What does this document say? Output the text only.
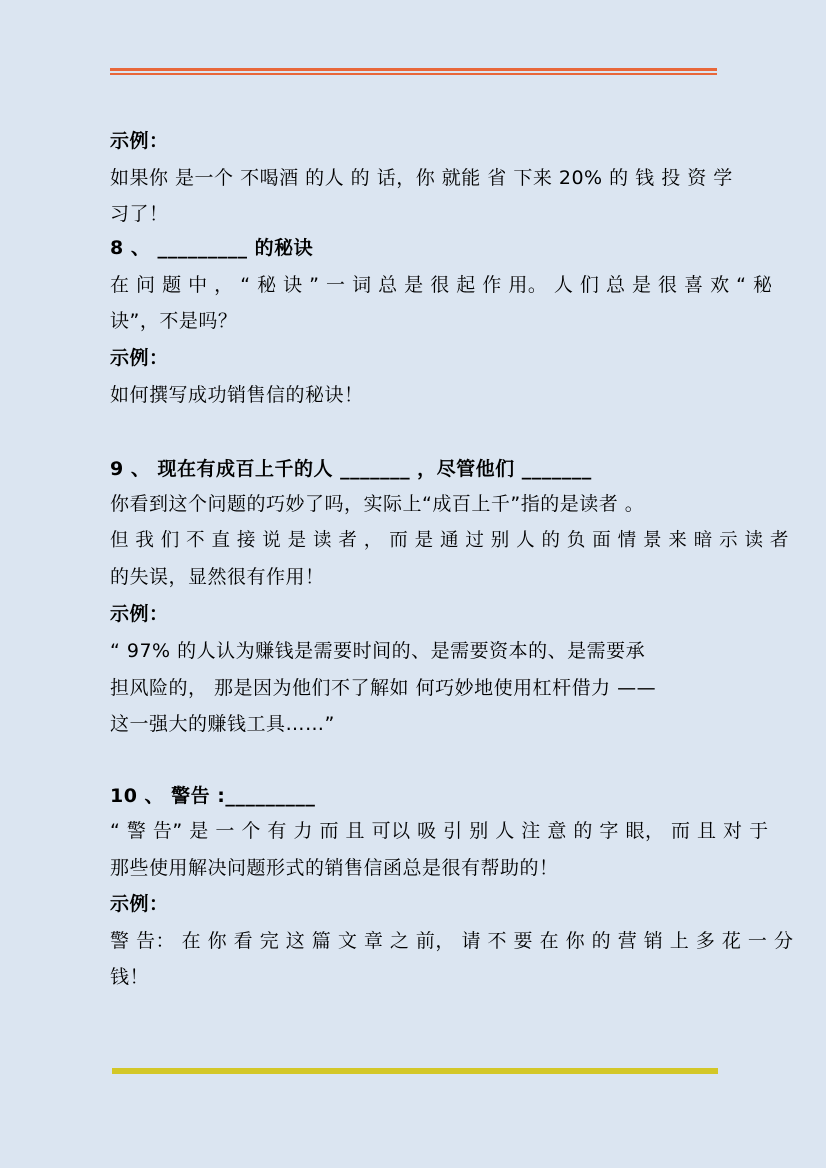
示例：
如果你 是一个 不喝酒 的人 的 话，你 就能 省 下来 20% 的 钱 投 资 学
习了！
8 、 _________ 的秘诀
在 问 题 中 ， “ 秘 诀 ” 一 词 总 是 很 起 作 用。 人 们 总 是 很 喜 欢 “ 秘
诀”，不是吗？
示例：
如何撰写成功销售信的秘诀！
9 、 现在有成百上千的人 _______ ，尽管他们 _______
你看到这个问题的巧妙了吗，实际上“成百上千”指的是读者 。
但 我 们 不 直 接 说 是 读 者 ， 而 是 通 过 别 人 的 负 面 情 景 来 暗 示 读 者
的失误，显然很有作用！
示例：
“ 97% 的人认为赚钱是需要时间的、是需要资本的、是需要承
担风险的， 那是因为他们不了解如 何巧妙地使用杠杆借力 ——
这一强大的赚钱工具……”
10 、 警告 :_________
“ 警 告” 是 一 个 有 力 而 且 可以 吸 引 别 人 注 意 的 字 眼， 而 且 对 于
那些使用解决问题形式的销售信函总是很有帮助的！
示例：
警 告： 在 你 看 完 这 篇 文 章 之 前， 请 不 要 在 你 的 营 销 上 多 花 一 分
钱！
